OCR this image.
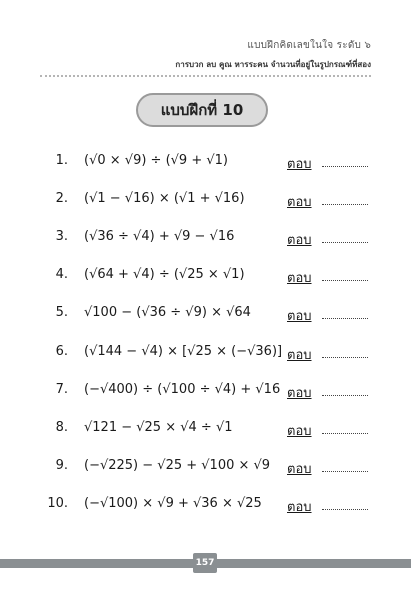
แบบฝึกคิดเลขในใจ ระดับ ๖
การบวก ลบ คูณ หารระคน จำนวนที่อยู่ในรูปกรณฑ์ที่สอง
แบบฝึกที่ 10
1. (√0 × √9) ÷ (√9 + √1)	ตอบ
2. (√1 − √16) × (√1 + √16)	ตอบ
3. (√36 ÷ √4) + √9 − √16	ตอบ
4. (√64 + √4) ÷ (√25 × √1)	ตอบ
5. √100 − (√36 ÷ √9) × √64	ตอบ
6. (√144 − √4) × [√25 × (−√36)] ตอบ
7. (−√400) ÷ (√100 ÷ √4) + √16 ตอบ
8. √121 − √25 × √4 ÷ √1	ตอบ
9. (−√225) − √25 + √100 × √9 ตอบ
10. (−√100) × √9 + √36 × √25 ตอบ
157
